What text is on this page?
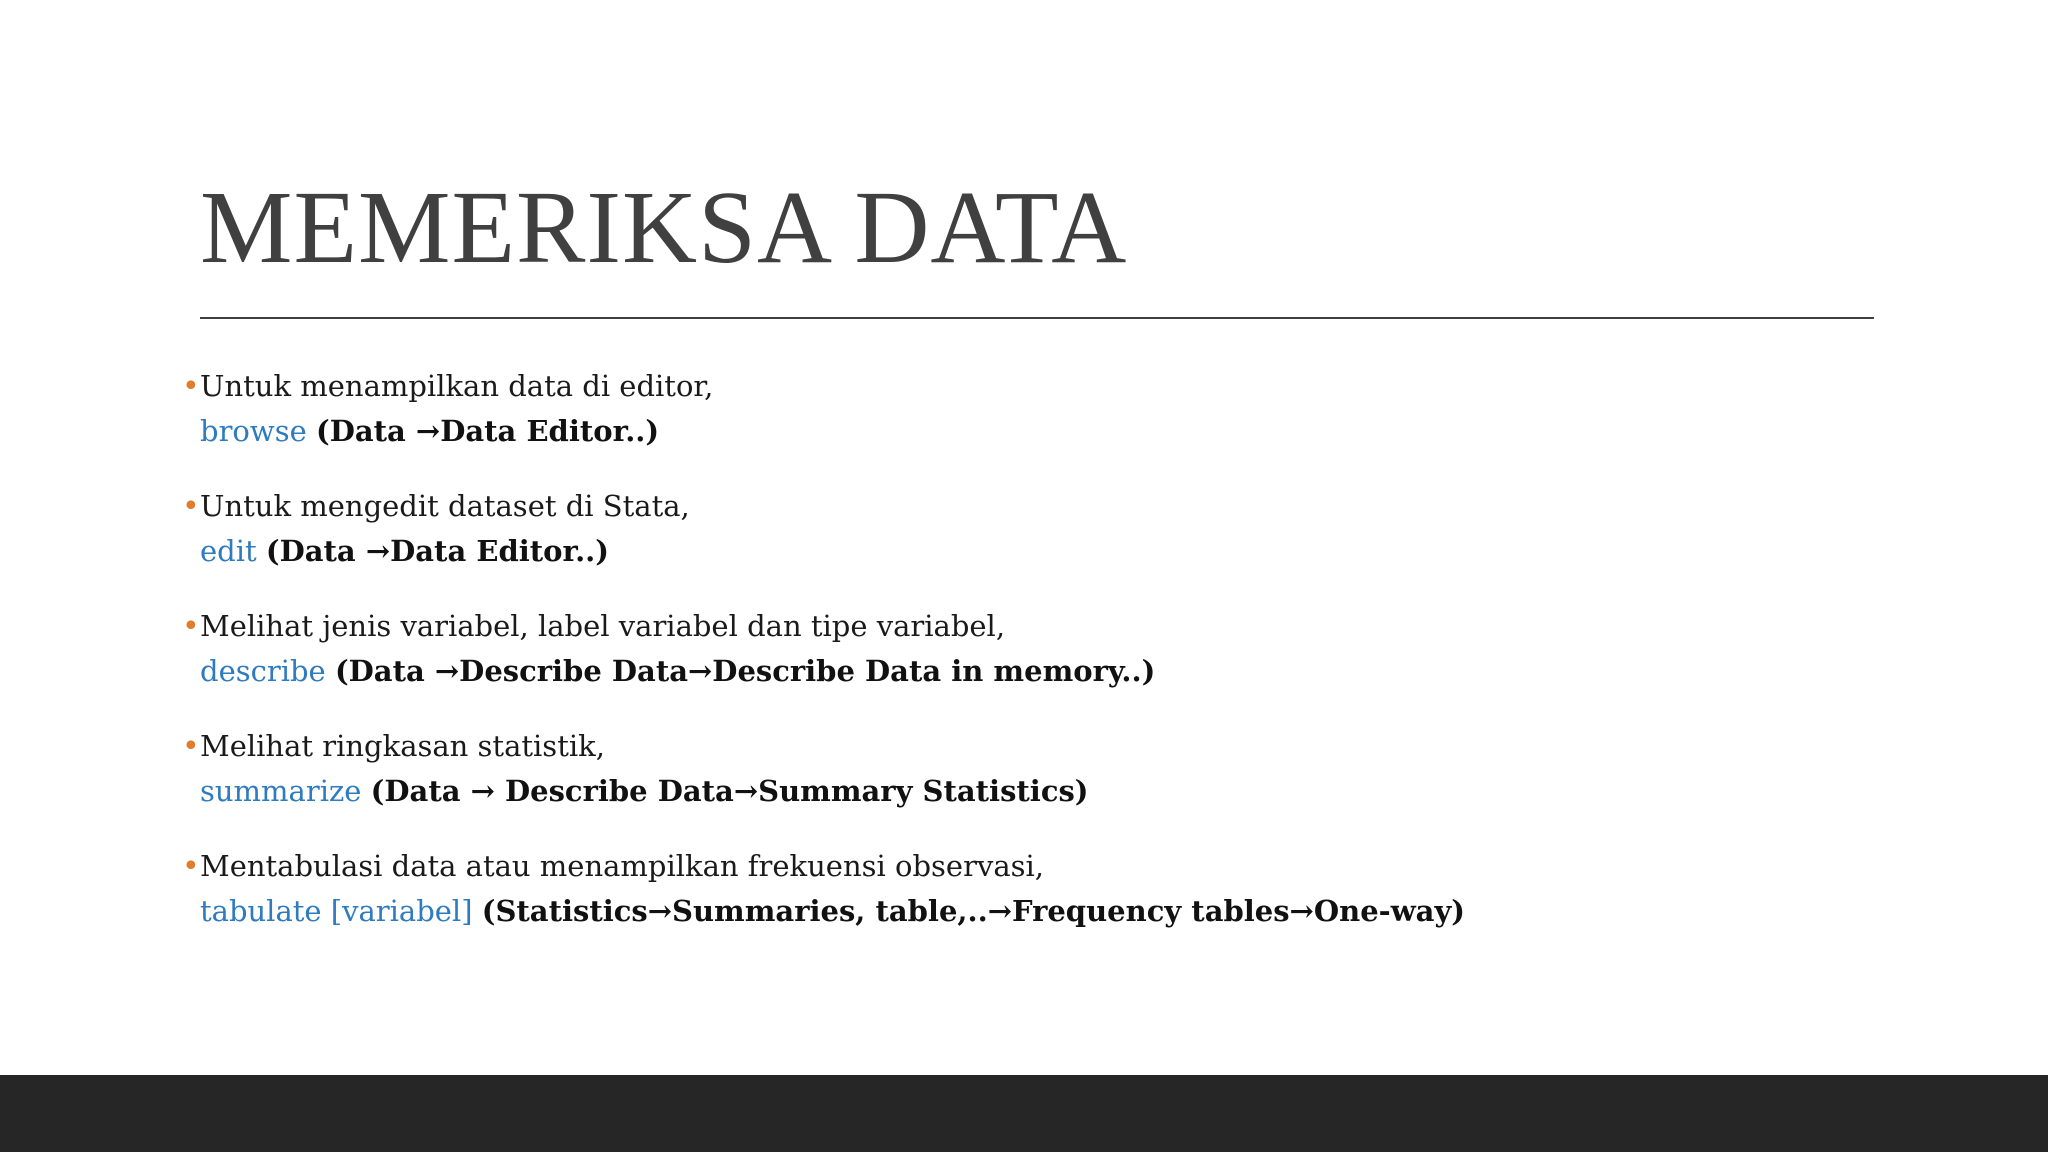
MEMERIKSA DATA
• Untuk menampilkan data di editor,

browse (Data →Data Editor..)

• Untuk mengedit dataset di Stata,

edit (Data →Data Editor..)

• Melihat jenis variabel, label variabel dan tipe variabel,

describe (Data →Describe Data→Describe Data in memory..)

• Melihat ringkasan statistik,

summarize (Data → Describe Data→Summary Statistics)

• Mentabulasi data atau menampilkan frekuensi observasi,

tabulate [variabel] (Statistics→Summaries, table,..→Frequency tables→One-way)
